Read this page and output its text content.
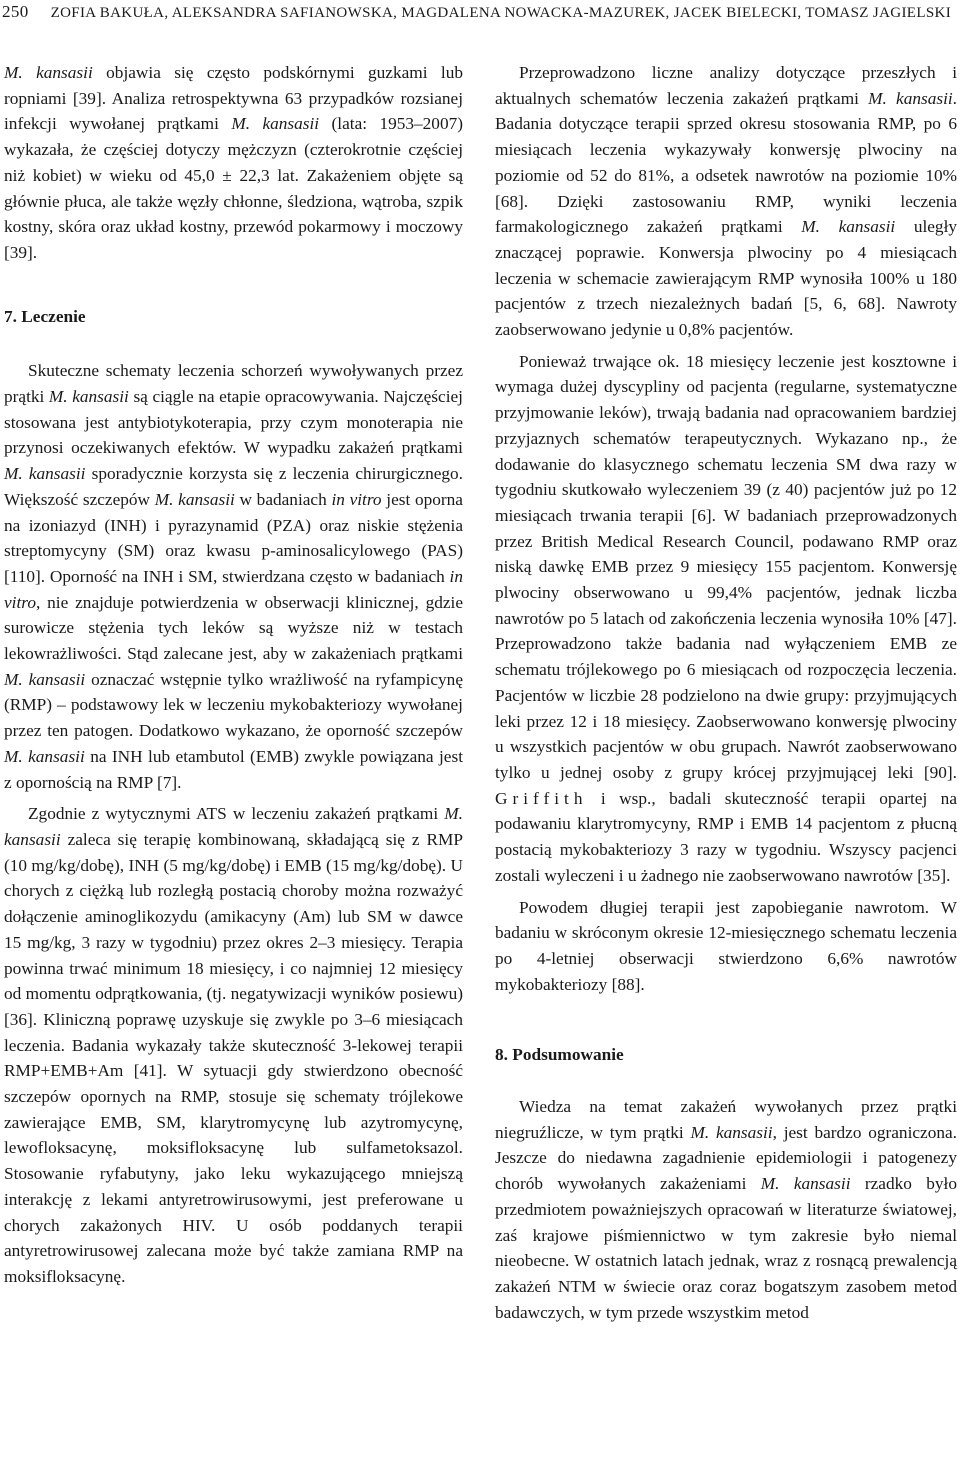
250 ZOFIA BAKUŁA, ALEKSANDRA SAFIANOWSKA, MAGDALENA NOWACKA-MAZUREK, JACEK BIELECKI, TOMASZ JAGIELSKI

M. kansasii objawia się często podskórnymi guzkami lub ropniami [39]. Analiza retrospektywna 63 przypadków rozsianej infekcji wywołanej prątkami M. kansasii (lata: 1953–2007) wykazała, że częściej dotyczy mężczyzn (czterokrotnie częściej niż kobiet) w wieku od 45,0 ± 22,3 lat. Zakażeniem objęte są głównie płuca, ale także węzły chłonne, śledziona, wątroba, szpik kostny, skóra oraz układ kostny, przewód pokarmowy i moczowy [39].

7. Leczenie

Skuteczne schematy leczenia schorzeń wywoływanych przez prątki M. kansasii są ciągle na etapie opracowywania. Najczęściej stosowana jest antybiotykoterapia, przy czym monoterapia nie przynosi oczekiwanych efektów. W wypadku zakażeń prątkami M. kansasii sporadycznie korzysta się z leczenia chirurgicznego. Większość szczepów M. kansasii w badaniach in vitro jest oporna na izoniazyd (INH) i pyrazynamid (PZA) oraz niskie stężenia streptomycyny (SM) oraz kwasu p-aminosalicylowego (PAS) [110]. Oporność na INH i SM, stwierdzana często w badaniach in vitro, nie znajduje potwierdzenia w obserwacji klinicznej, gdzie surowicze stężenia tych leków są wyższe niż w testach lekowrażliwości. Stąd zalecane jest, aby w zakażeniach prątkami M. kansasii oznaczać wstępnie tylko wrażliwość na ryfampicynę (RMP) – podstawowy lek w leczeniu mykobakteriozy wywołanej przez ten patogen. Dodatkowo wykazano, że oporność szczepów M. kansasii na INH lub etambutol (EMB) zwykle powiązana jest z opornością na RMP [7].

Zgodnie z wytycznymi ATS w leczeniu zakażeń prątkami M. kansasii zaleca się terapię kombinowaną, składającą się z RMP (10 mg/kg/dobę), INH (5 mg/kg/dobę) i EMB (15 mg/kg/dobę). U chorych z ciężką lub rozległą postacią choroby można rozważyć dołączenie aminoglikozydu (amikacyny (Am) lub SM w dawce 15 mg/kg, 3 razy w tygodniu) przez okres 2–3 miesięcy. Terapia powinna trwać minimum 18 miesięcy, i co najmniej 12 miesięcy od momentu odprątkowania, (tj. negatywizacji wyników posiewu) [36]. Kliniczną poprawę uzyskuje się zwykle po 3–6 miesiącach leczenia. Badania wykazały także skuteczność 3-lekowej terapii RMP+EMB+Am [41]. W sytuacji gdy stwierdzono obecność szczepów opornych na RMP, stosuje się schematy trójlekowe zawierające EMB, SM, klarytromycynę lub azytromycynę, lewofloksacynę, moksifloksacynę lub sulfametoksazol. Stosowanie ryfabutyny, jako leku wykazującego mniejszą interakcję z lekami antyretrowirusowymi, jest preferowane u chorych zakażonych HIV. U osób poddanych terapii antyretrowirusowej zalecana może być także zamiana RMP na moksifloksacynę.

Przeprowadzono liczne analizy dotyczące przeszłych i aktualnych schematów leczenia zakażeń prątkami M. kansasii. Badania dotyczące terapii sprzed okresu stosowania RMP, po 6 miesiącach leczenia wykazywały konwersję plwociny na poziomie od 52 do 81%, a odsetek nawrotów na poziomie 10% [68]. Dzięki zastosowaniu RMP, wyniki leczenia farmakologicznego zakażeń prątkami M. kansasii uległy znaczącej poprawie. Konwersja plwociny po 4 miesiącach leczenia w schemacie zawierającym RMP wynosiła 100% u 180 pacjentów z trzech niezależnych badań [5, 6, 68]. Nawroty zaobserwowano jedynie u 0,8% pacjentów.

Ponieważ trwające ok. 18 miesięcy leczenie jest kosztowne i wymaga dużej dyscypliny od pacjenta (regularne, systematyczne przyjmowanie leków), trwają badania nad opracowaniem bardziej przyjaznych schematów terapeutycznych. Wykazano np., że dodawanie do klasycznego schematu leczenia SM dwa razy w tygodniu skutkowało wyleczeniem 39 (z 40) pacjentów już po 12 miesiącach trwania terapii [6]. W badaniach przeprowadzonych przez British Medical Research Council, podawano RMP oraz niską dawkę EMB przez 9 miesięcy 155 pacjentom. Konwersję plwociny obserwowano u 99,4% pacjentów, jednak liczba nawrotów po 5 latach od zakończenia leczenia wynosiła 10% [47]. Przeprowadzono także badania nad wyłączeniem EMB ze schematu trójlekowego po 6 miesiącach od rozpoczęcia leczenia. Pacjentów w liczbie 28 podzielono na dwie grupy: przyjmujących leki przez 12 i 18 miesięcy. Zaobserwowano konwersję plwociny u wszystkich pacjentów w obu grupach. Nawrót zaobserwowano tylko u jednej osoby z grupy krócej przyjmującej leki [90]. Griffith i wsp., badali skuteczność terapii opartej na podawaniu klarytromycyny, RMP i EMB 14 pacjentom z płucną postacią mykobakteriozy 3 razy w tygodniu. Wszyscy pacjenci zostali wyleczeni i u żadnego nie zaobserwowano nawrotów [35].

Powodem długiej terapii jest zapobieganie nawrotom. W badaniu w skróconym okresie 12-miesięcznego schematu leczenia po 4-letniej obserwacji stwierdzono 6,6% nawrotów mykobakteriozy [88].

8. Podsumowanie

Wiedza na temat zakażeń wywołanych przez prątki niegruźlicze, w tym prątki M. kansasii, jest bardzo ograniczona. Jeszcze do niedawna zagadnienie epidemiologii i patogenezy chorób wywołanych zakażeniami M. kansasii rzadko było przedmiotem poważniejszych opracowań w literaturze światowej, zaś krajowe piśmiennictwo w tym zakresie było niemal nieobecne. W ostatnich latach jednak, wraz z rosnącą prewalencją zakażeń NTM w świecie oraz coraz bogatszym zasobem metod badawczych, w tym przede wszystkim metod
